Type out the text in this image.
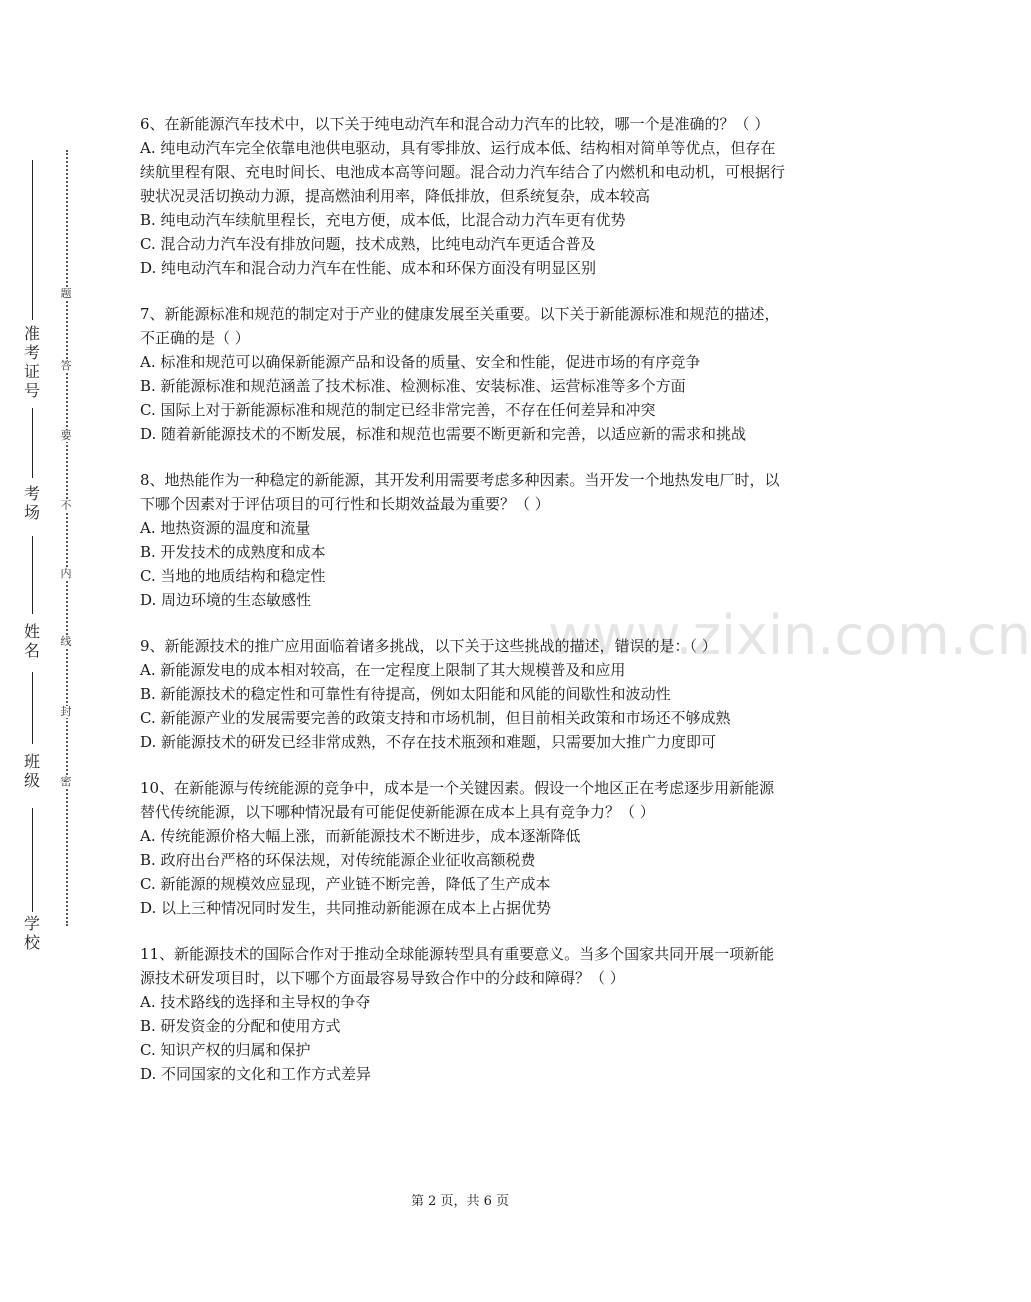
准考证号
考场
姓名
班级
学校
题
答
要
不
内
线
封
密
www.zixin.com.cn

6、在新能源汽车技术中，以下关于纯电动汽车和混合动力汽车的比较，哪一个是准确的？（ ）

A. 纯电动汽车完全依靠电池供电驱动，具有零排放、运行成本低、结构相对简单等优点，但存在续航里程有限、充电时间长、电池成本高等问题。混合动力汽车结合了内燃机和电动机，可根据行驶状况灵活切换动力源，提高燃油利用率，降低排放，但系统复杂，成本较高

B. 纯电动汽车续航里程长，充电方便，成本低，比混合动力汽车更有优势

C. 混合动力汽车没有排放问题，技术成熟，比纯电动汽车更适合普及

D. 纯电动汽车和混合动力汽车在性能、成本和环保方面没有明显区别

7、新能源标准和规范的制定对于产业的健康发展至关重要。以下关于新能源标准和规范的描述，不正确的是（ ）

A. 标准和规范可以确保新能源产品和设备的质量、安全和性能，促进市场的有序竞争

B. 新能源标准和规范涵盖了技术标准、检测标准、安装标准、运营标准等多个方面

C. 国际上对于新能源标准和规范的制定已经非常完善，不存在任何差异和冲突

D. 随着新能源技术的不断发展，标准和规范也需要不断更新和完善，以适应新的需求和挑战

8、地热能作为一种稳定的新能源，其开发利用需要考虑多种因素。当开发一个地热发电厂时，以下哪个因素对于评估项目的可行性和长期效益最为重要？（ ）

A. 地热资源的温度和流量

B. 开发技术的成熟度和成本

C. 当地的地质结构和稳定性

D. 周边环境的生态敏感性

9、新能源技术的推广应用面临着诸多挑战，以下关于这些挑战的描述，错误的是：（ ）

A. 新能源发电的成本相对较高，在一定程度上限制了其大规模普及和应用

B. 新能源技术的稳定性和可靠性有待提高，例如太阳能和风能的间歇性和波动性

C. 新能源产业的发展需要完善的政策支持和市场机制，但目前相关政策和市场还不够成熟

D. 新能源技术的研发已经非常成熟，不存在技术瓶颈和难题，只需要加大推广力度即可

10、在新能源与传统能源的竞争中，成本是一个关键因素。假设一个地区正在考虑逐步用新能源替代传统能源，以下哪种情况最有可能促使新能源在成本上具有竞争力？（ ）

A. 传统能源价格大幅上涨，而新能源技术不断进步，成本逐渐降低

B. 政府出台严格的环保法规，对传统能源企业征收高额税费

C. 新能源的规模效应显现，产业链不断完善，降低了生产成本

D. 以上三种情况同时发生，共同推动新能源在成本上占据优势

11、新能源技术的国际合作对于推动全球能源转型具有重要意义。当多个国家共同开展一项新能源技术研发项目时，以下哪个方面最容易导致合作中的分歧和障碍？（ ）

A. 技术路线的选择和主导权的争夺

B. 研发资金的分配和使用方式

C. 知识产权的归属和保护

D. 不同国家的文化和工作方式差异

第 2 页，共 6 页
